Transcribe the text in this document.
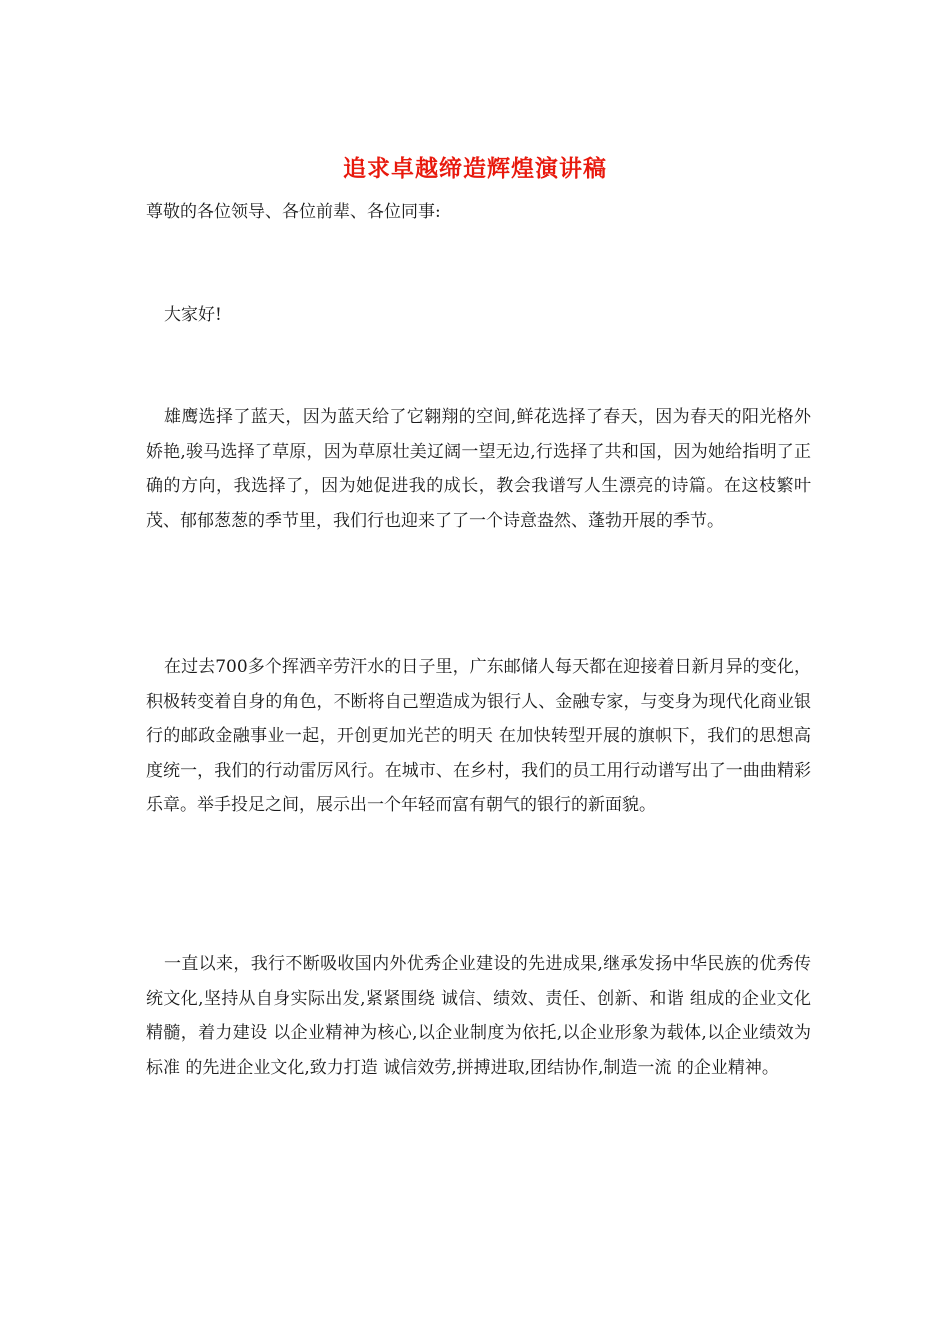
追求卓越缔造辉煌演讲稿

尊敬的各位领导、各位前辈、各位同事:

大家好!

雄鹰选择了蓝天，因为蓝天给了它翱翔的空间,鲜花选择了春天，因为春天的阳光格外娇艳,骏马选择了草原，因为草原壮美辽阔一望无边,行选择了共和国，因为她给指明了正确的方向，我选择了，因为她促进我的成长，教会我谱写人生漂亮的诗篇。在这枝繁叶茂、郁郁葱葱的季节里，我们行也迎来了了一个诗意盎然、蓬勃开展的季节。

在过去700多个挥洒辛劳汗水的日子里，广东邮储人每天都在迎接着日新月异的变化，积极转变着自身的角色，不断将自己塑造成为银行人、金融专家，与变身为现代化商业银行的邮政金融事业一起，开创更加光芒的明天 在加快转型开展的旗帜下，我们的思想高度统一，我们的行动雷厉风行。在城市、在乡村，我们的员工用行动谱写出了一曲曲精彩乐章。举手投足之间，展示出一个年轻而富有朝气的银行的新面貌。

一直以来，我行不断吸收国内外优秀企业建设的先进成果,继承发扬中华民族的优秀传统文化,坚持从自身实际出发,紧紧围绕 诚信、绩效、责任、创新、和谐 组成的企业文化精髓，着力建设 以企业精神为核心,以企业制度为依托,以企业形象为载体,以企业绩效为标准 的先进企业文化,致力打造 诚信效劳,拼搏进取,团结协作,制造一流 的企业精神。
